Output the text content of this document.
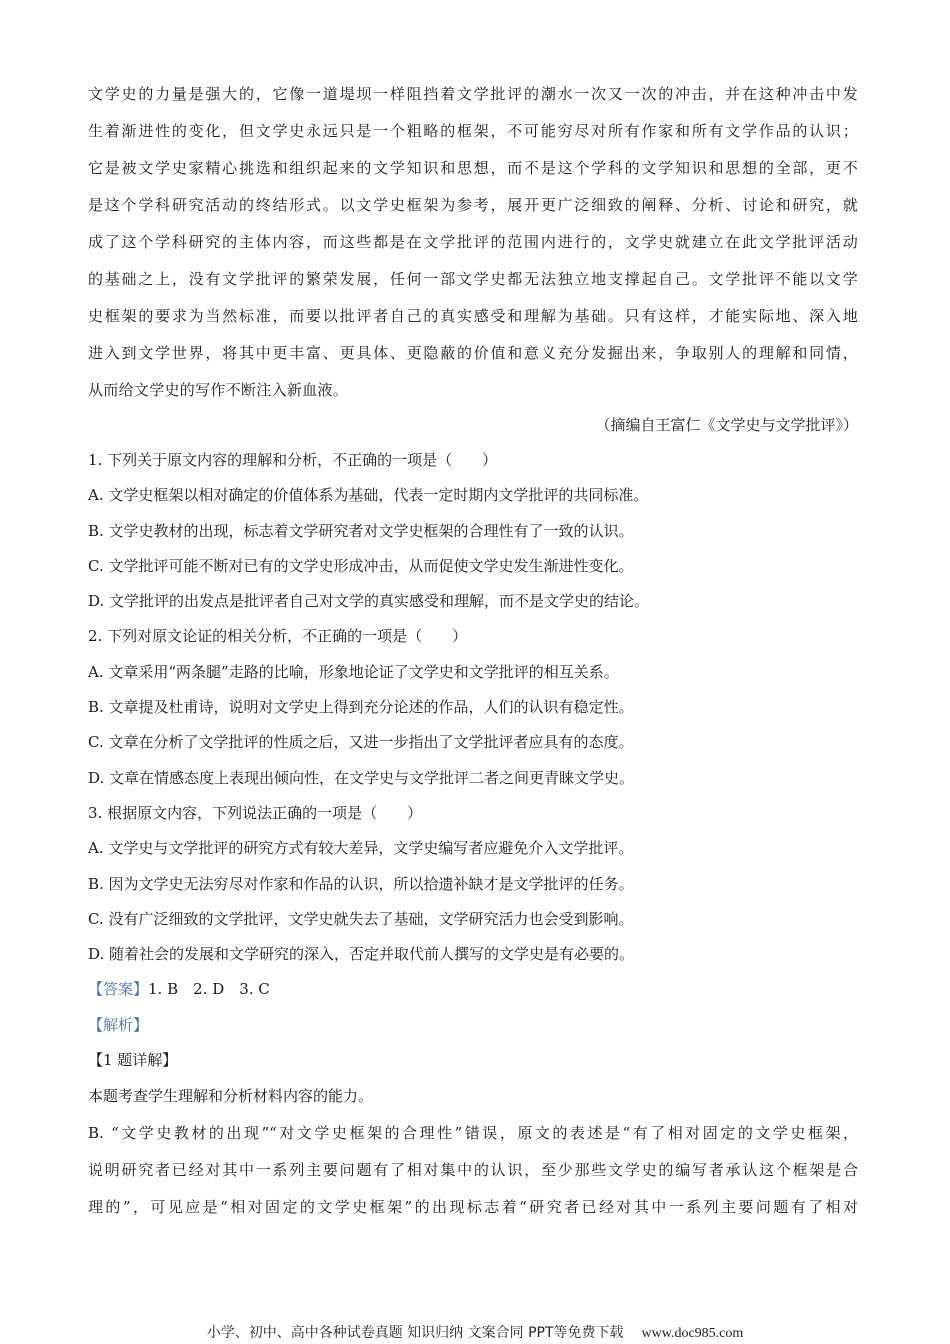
文学史的力量是强大的，它像一道堤坝一样阻挡着文学批评的潮水一次又一次的冲击，并在这种冲击中发

生着渐进性的变化，但文学史永远只是一个粗略的框架，不可能穷尽对所有作家和所有文学作品的认识；

它是被文学史家精心挑选和组织起来的文学知识和思想，而不是这个学科的文学知识和思想的全部，更不

是这个学科研究活动的终结形式。以文学史框架为参考，展开更广泛细致的阐释、分析、讨论和研究，就

成了这个学科研究的主体内容，而这些都是在文学批评的范围内进行的，文学史就建立在此文学批评活动

的基础之上，没有文学批评的繁荣发展，任何一部文学史都无法独立地支撑起自己。文学批评不能以文学

史框架的要求为当然标准，而要以批评者自己的真实感受和理解为基础。只有这样，才能实际地、深入地

进入到文学世界，将其中更丰富、更具体、更隐蔽的价值和意义充分发掘出来，争取别人的理解和同情，

从而给文学史的写作不断注入新血液。

（摘编自王富仁《文学史与文学批评》）
1. 下列关于原文内容的理解和分析，不正确的一项是（　　）
A. 文学史框架以相对确定的价值体系为基础，代表一定时期内文学批评的共同标准。
B. 文学史教材的出现，标志着文学研究者对文学史框架的合理性有了一致的认识。
C. 文学批评可能不断对已有的文学史形成冲击，从而促使文学史发生渐进性变化。
D. 文学批评的出发点是批评者自己对文学的真实感受和理解，而不是文学史的结论。
2. 下列对原文论证的相关分析，不正确的一项是（　　）
A. 文章采用“两条腿”走路的比喻，形象地论证了文学史和文学批评的相互关系。
B. 文章提及杜甫诗，说明对文学史上得到充分论述的作品，人们的认识有稳定性。
C. 文章在分析了文学批评的性质之后，又进一步指出了文学批评者应具有的态度。
D. 文章在情感态度上表现出倾向性，在文学史与文学批评二者之间更青睐文学史。
3. 根据原文内容，下列说法正确的一项是（　　）
A. 文学史与文学批评的研究方式有较大差异，文学史编写者应避免介入文学批评。
B. 因为文学史无法穷尽对作家和作品的认识，所以拾遗补缺才是文学批评的任务。
C. 没有广泛细致的文学批评，文学史就失去了基础，文学研究活力也会受到影响。
D. 随着社会的发展和文学研究的深入，否定并取代前人撰写的文学史是有必要的。
【答案】1. B　2. D　3. C
【解析】
【1 题详解】

本题考查学生理解和分析材料内容的能力。

B. “文学史教材的出现”“对文学史框架的合理性”错误，原文的表述是“有了相对固定的文学史框架，

说明研究者已经对其中一系列主要问题有了相对集中的认识，至少那些文学史的编写者承认这个框架是合

理的”，可见应是“相对固定的文学史框架”的出现标志着“研究者已经对其中一系列主要问题有了相对

小学、初中、高中各种试卷真题 知识归纳 文案合同 PPT等免费下载 www.doc985.com
